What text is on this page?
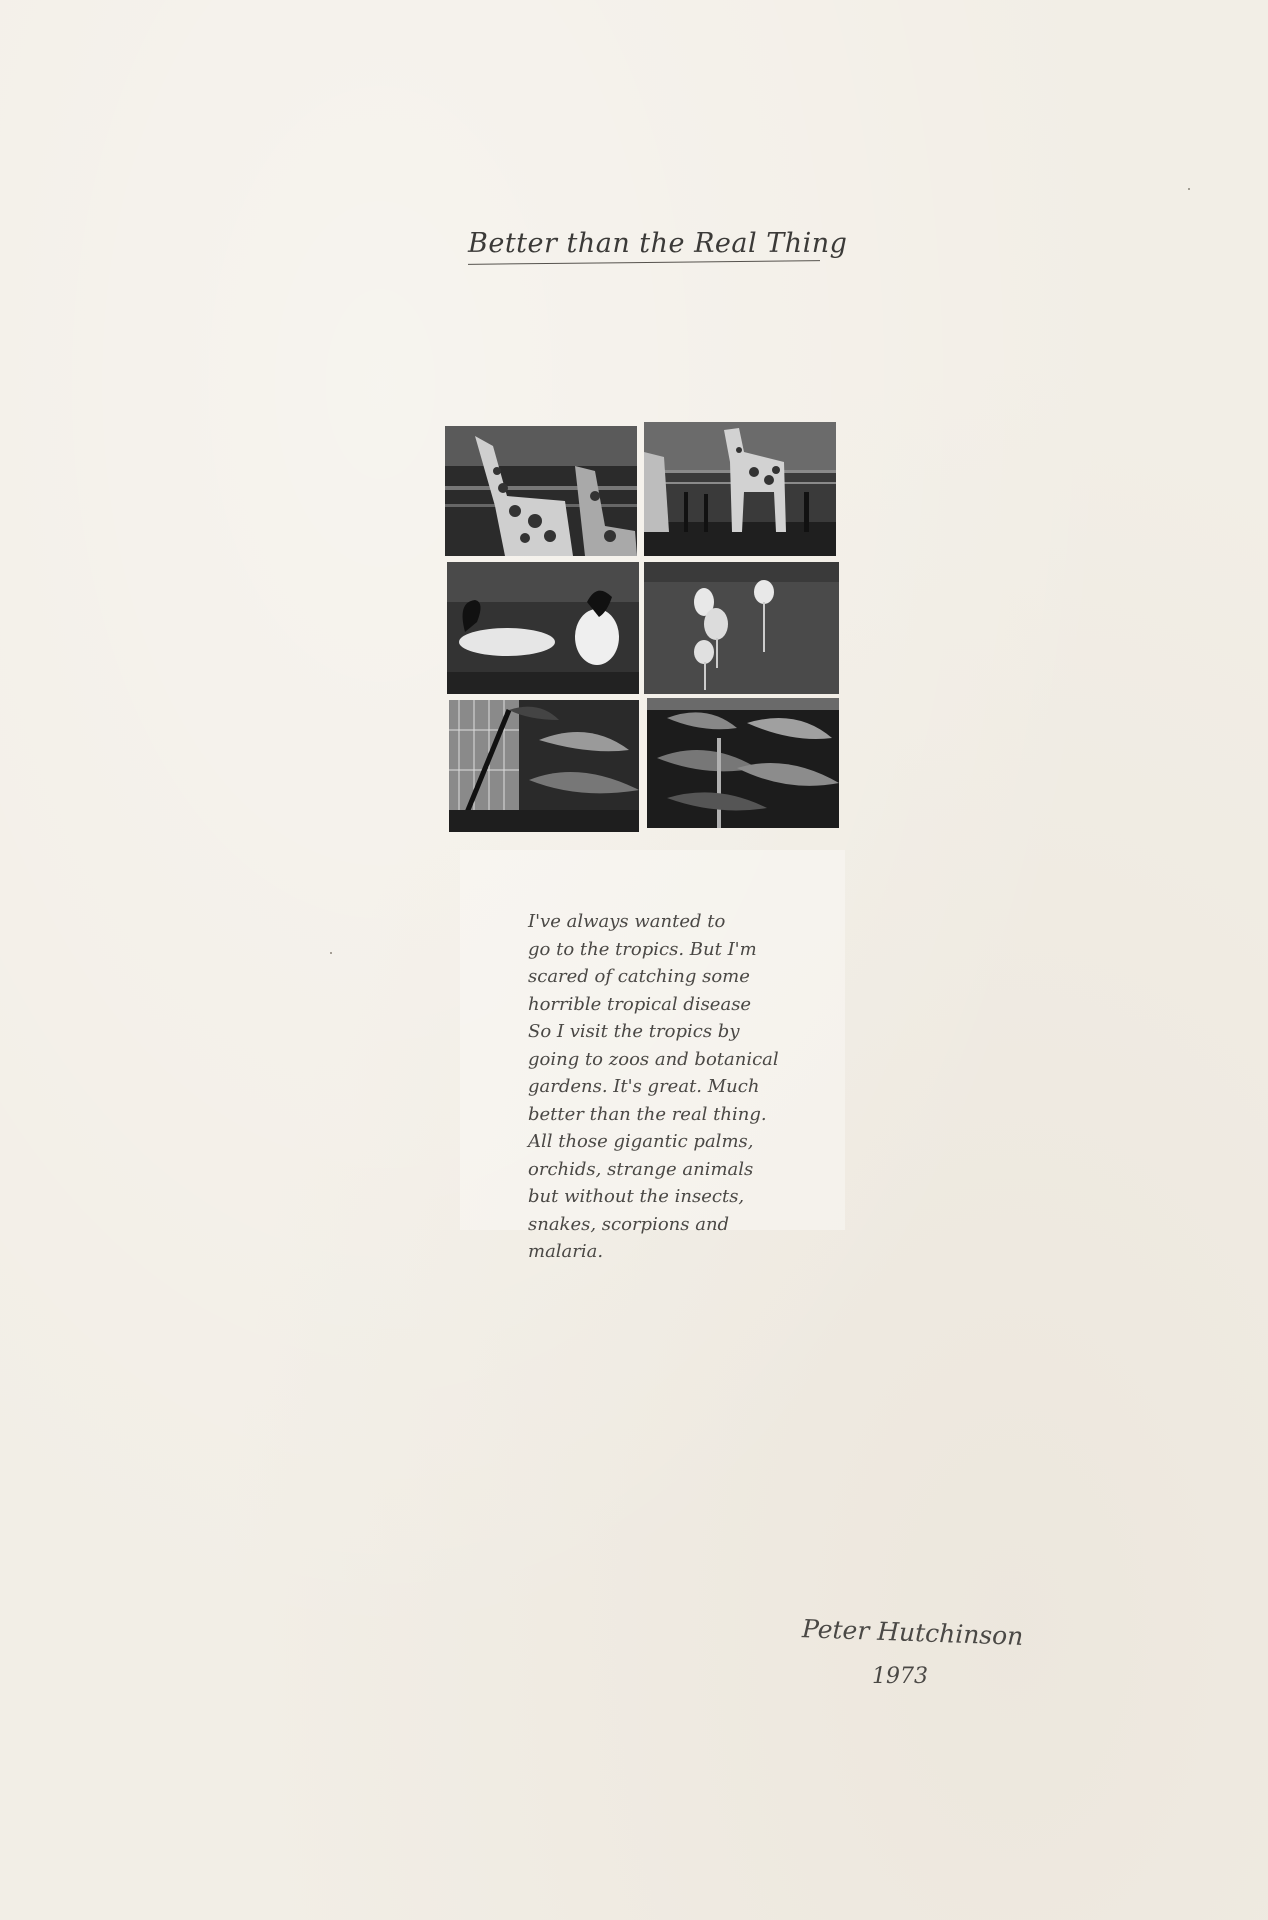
Better than the Real Thing
I've always wanted to
go to the tropics. But I'm
scared of catching some
horrible tropical disease
So I visit the tropics by
going to zoos and botanical
gardens. It's great. Much
better than the real thing.
All those gigantic palms,
orchids, strange animals
but without the insects,
snakes, scorpions and
malaria.
Peter Hutchinson
1973
